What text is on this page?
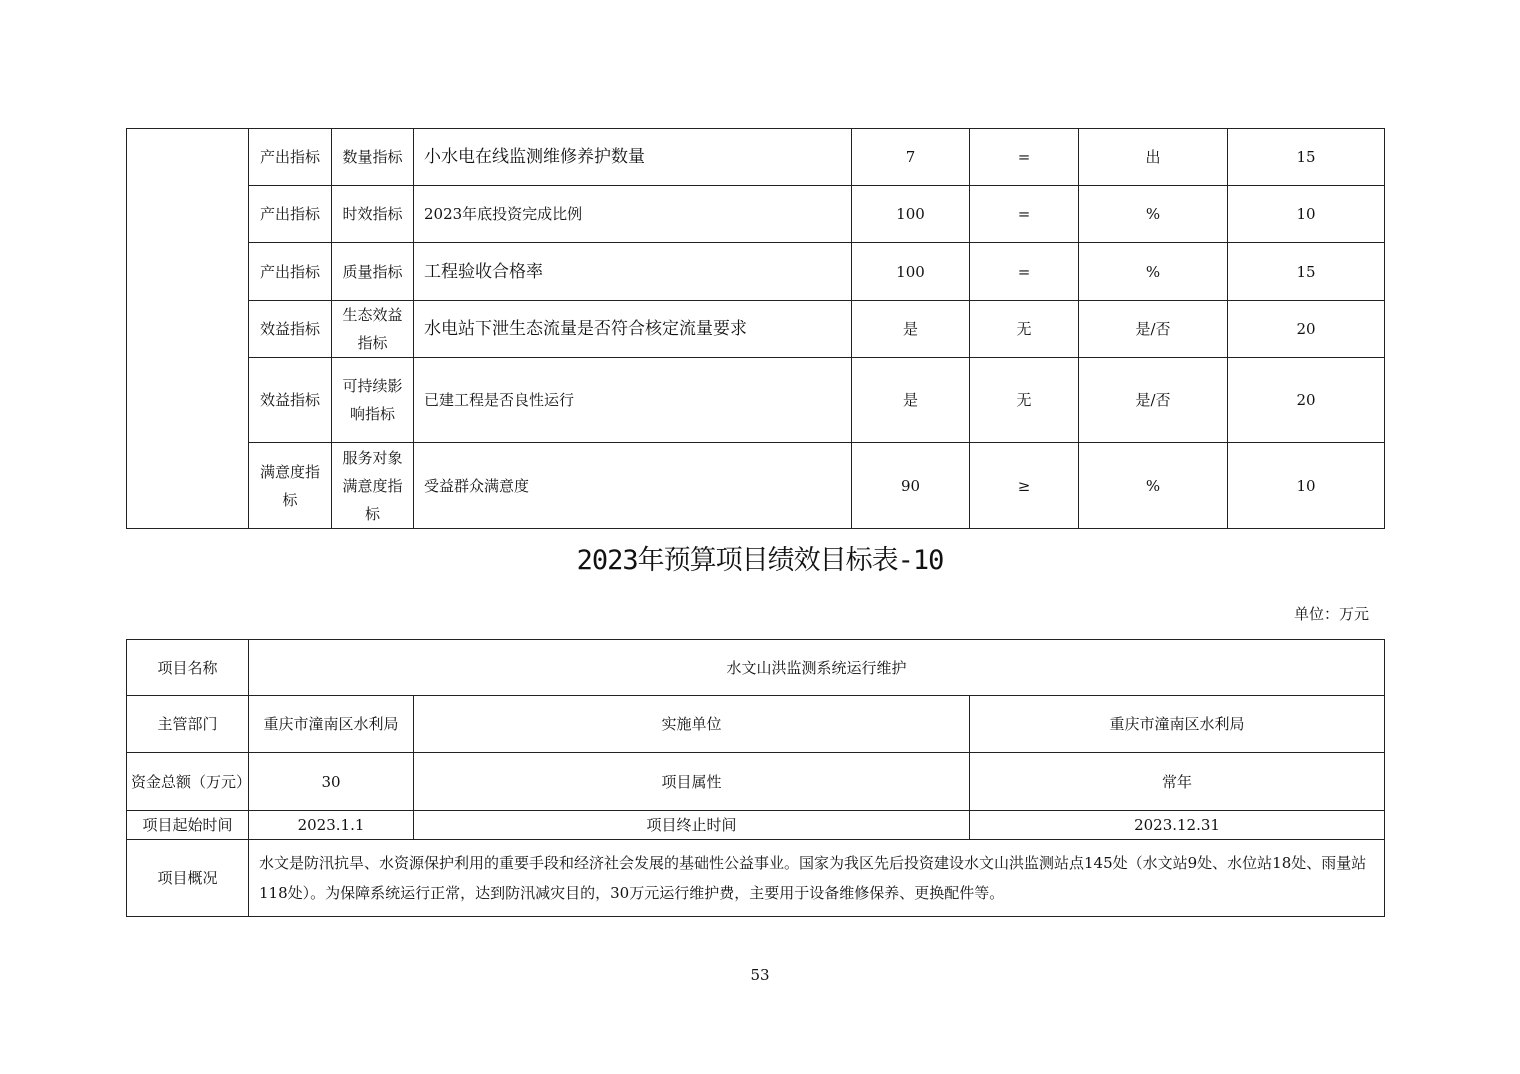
	产出指标	数量指标	小水电在线监测维修养护数量	7	=	出	15
	产出指标	时效指标	2023年底投资完成比例	100	=	%	10
	产出指标	质量指标	工程验收合格率	100	=	%	15
	效益指标	生态效益指标	水电站下泄生态流量是否符合核定流量要求	是	无	是/否	20
	效益指标	可持续影响指标	已建工程是否良性运行	是	无	是/否	20
	满意度指标	服务对象满意度指标	受益群众满意度	90	≥	%	10
2023年预算项目绩效目标表-10
单位：万元
项目名称	水文山洪监测系统运行维护		
主管部门	重庆市潼南区水利局	实施单位	重庆市潼南区水利局
资金总额（万元）	30	项目属性	常年
项目起始时间	2023.1.1	项目终止时间	2023.12.31
项目概况	水文是防汛抗旱、水资源保护利用的重要手段和经济社会发展的基础性公益事业。国家为我区先后投资建设水文山洪监测站点145处（水文站9处、水位站18处、雨量站118处）。为保障系统运行正常，达到防汛减灾目的，30万元运行维护费，主要用于设备维修保养、更换配件等。		
53
